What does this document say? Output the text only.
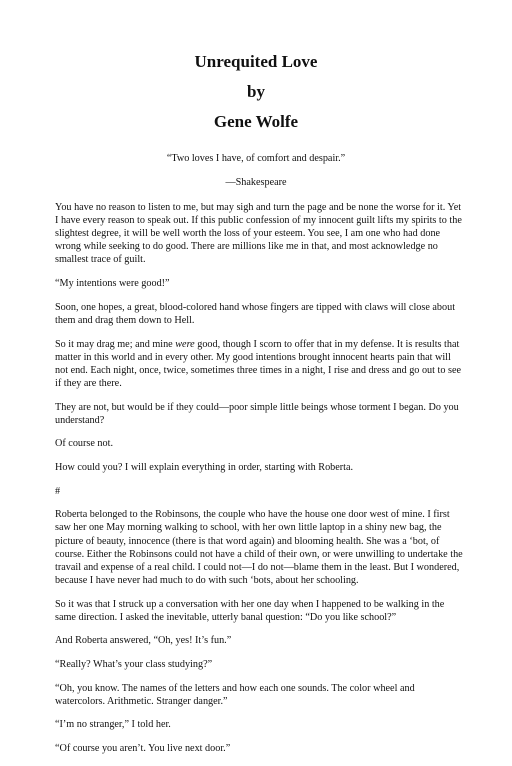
Unrequited Love
by
Gene Wolfe

“Two loves I have, of comfort and despair.”

—Shakespeare

You have no reason to listen to me, but may sigh and turn the page and be none the worse for it. Yet I have every reason to speak out. If this public confession of my innocent guilt lifts my spirits to the slightest degree, it will be well worth the loss of your esteem. You see, I am one who had done wrong while seeking to do good. There are millions like me in that, and most acknowledge no smallest trace of guilt.

“My intentions were good!”

Soon, one hopes, a great, blood-colored hand whose fingers are tipped with claws will close about them and drag them down to Hell.

So it may drag me; and mine were good, though I scorn to offer that in my defense. It is results that matter in this world and in every other. My good intentions brought innocent hearts pain that will not end. Each night, once, twice, sometimes three times in a night, I rise and dress and go out to see if they are there.

They are not, but would be if they could—poor simple little beings whose torment I began. Do you understand?

Of course not.

How could you? I will explain everything in order, starting with Roberta.

#

Roberta belonged to the Robinsons, the couple who have the house one door west of mine. I first saw her one May morning walking to school, with her own little laptop in a shiny new bag, the picture of beauty, innocence (there is that word again) and blooming health. She was a ‘bot, of course. Either the Robinsons could not have a child of their own, or were unwilling to undertake the travail and expense of a real child. I could not—I do not—blame them in the least. But I wondered, because I have never had much to do with such ‘bots, about her schooling.

So it was that I struck up a conversation with her one day when I happened to be walking in the same direction. I asked the inevitable, utterly banal question: “Do you like school?”

And Roberta answered, “Oh, yes! It’s fun.”

“Really? What’s your class studying?”

“Oh, you know. The names of the letters and how each one sounds. The color wheel and watercolors. Arithmetic. Stranger danger.”

“I’m no stranger,” I told her.

“Of course you aren’t. You live next door.”
